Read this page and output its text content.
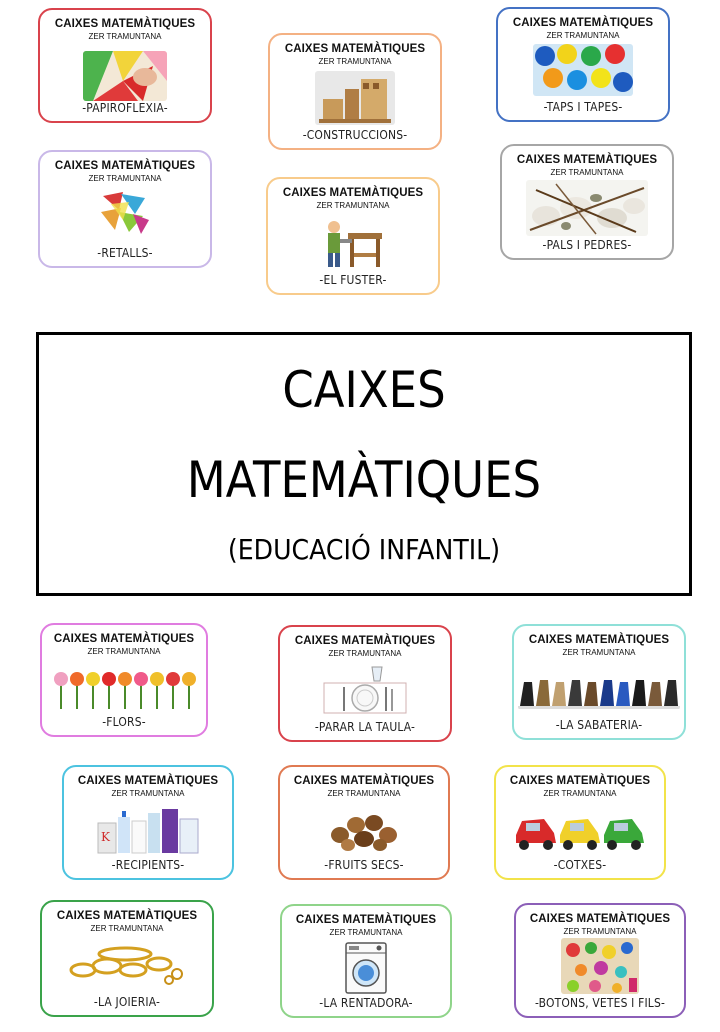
CAIXES MATEMÀTIQUES
ZER TRAMUNTANA
-PAPIROFLEXIA-
CAIXES MATEMÀTIQUES
ZER TRAMUNTANA
-CONSTRUCCIONS-
CAIXES MATEMÀTIQUES
ZER TRAMUNTANA
-TAPS I TAPES-
CAIXES MATEMÀTIQUES
ZER TRAMUNTANA
-RETALLS-
CAIXES MATEMÀTIQUES
ZER TRAMUNTANA
-EL FUSTER-
CAIXES MATEMÀTIQUES
ZER TRAMUNTANA
-PALS I PEDRES-
CAIXES
MATEMÀTIQUES
(EDUCACIÓ INFANTIL)
CAIXES MATEMÀTIQUES
ZER TRAMUNTANA
-FLORS-
CAIXES MATEMÀTIQUES
ZER TRAMUNTANA
-PARAR LA TAULA-
CAIXES MATEMÀTIQUES
ZER TRAMUNTANA
-LA SABATERIA-
CAIXES MATEMÀTIQUES
ZER TRAMUNTANA
K
-RECIPIENTS-
CAIXES MATEMÀTIQUES
ZER TRAMUNTANA
-FRUITS SECS-
CAIXES MATEMÀTIQUES
ZER TRAMUNTANA
-COTXES-
CAIXES MATEMÀTIQUES
ZER TRAMUNTANA
-LA JOIERIA-
CAIXES MATEMÀTIQUES
ZER TRAMUNTANA
-LA RENTADORA-
CAIXES MATEMÀTIQUES
ZER TRAMUNTANA
-BOTONS, VETES I FILS-
